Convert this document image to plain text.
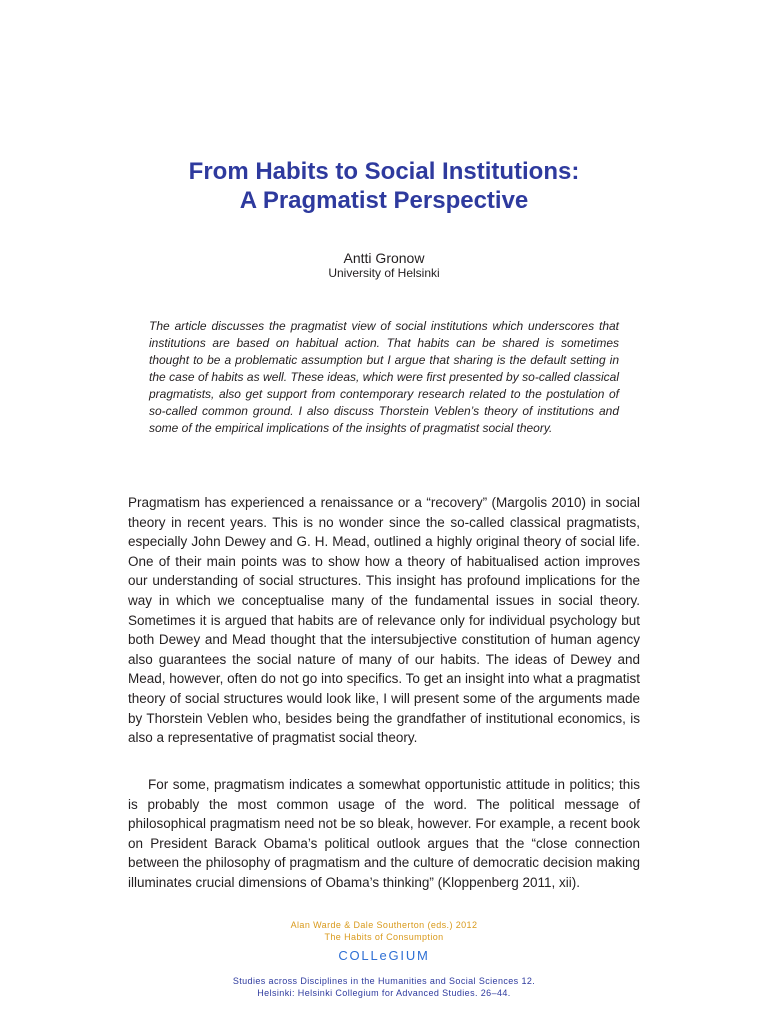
From Habits to Social Institutions:
A Pragmatist Perspective
Antti Gronow
University of Helsinki

The article discusses the pragmatist view of social institutions which underscores that institutions are based on habitual action. That habits can be shared is sometimes thought to be a problematic assumption but I argue that sharing is the default setting in the case of habits as well. These ideas, which were first presented by so-called classical pragmatists, also get support from contemporary research related to the postulation of so-called common ground. I also discuss Thorstein Veblen’s theory of institutions and some of the empirical implications of the insights of pragmatist social theory.

Pragmatism has experienced a renaissance or a “recovery” (Margolis 2010) in social theory in recent years. This is no wonder since the so-called classical pragmatists, especially John Dewey and G. H. Mead, outlined a highly original theory of social life. One of their main points was to show how a theory of habitualised action improves our understanding of social structures. This insight has profound implications for the way in which we conceptualise many of the fundamental issues in social theory. Sometimes it is argued that habits are of relevance only for individual psychology but both Dewey and Mead thought that the intersubjective constitution of human agency also guarantees the social nature of many of our habits. The ideas of Dewey and Mead, however, often do not go into specifics. To get an insight into what a pragmatist theory of social structures would look like, I will present some of the arguments made by Thorstein Veblen who, besides being the grandfather of institutional economics, is also a representative of pragmatist social theory.

For some, pragmatism indicates a somewhat opportunistic attitude in politics; this is probably the most common usage of the word. The political message of philosophical pragmatism need not be so bleak, however. For example, a recent book on President Barack Obama’s political outlook argues that the “close connection between the philosophy of pragmatism and the culture of democratic decision making illuminates crucial dimensions of Obama’s thinking” (Kloppenberg 2011, xii).

Alan Warde & Dale Southerton (eds.) 2012
The Habits of Consumption
COLLeGIUM
Studies across Disciplines in the Humanities and Social Sciences 12.
Helsinki: Helsinki Collegium for Advanced Studies. 26–44.
